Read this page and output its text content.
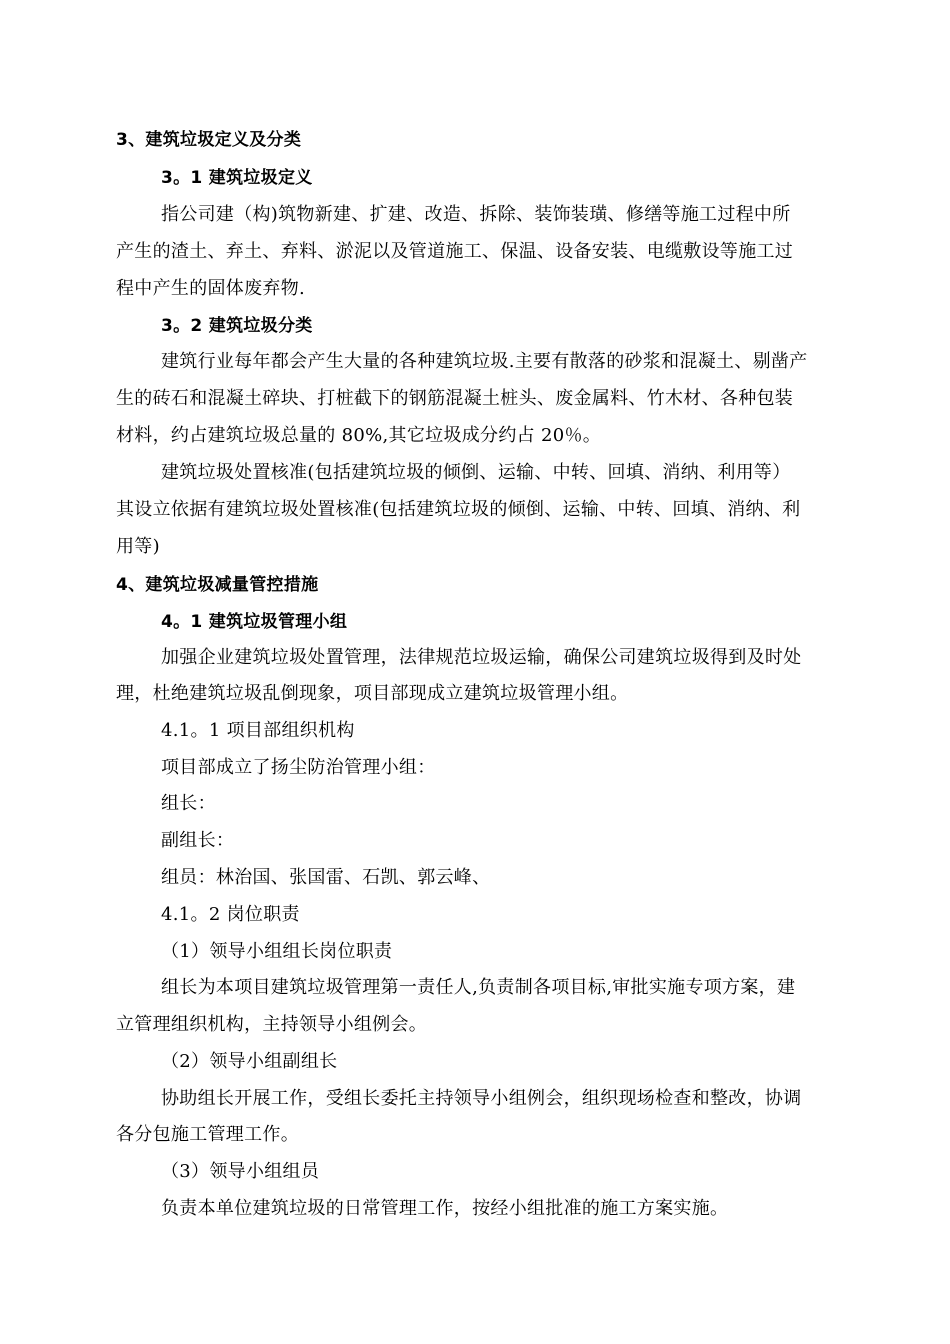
3、建筑垃圾定义及分类
3。1 建筑垃圾定义
指公司建（构)筑物新建、扩建、改造、拆除、装饰装璜、修缮等施工过程中所
产生的渣土、弃土、弃料、淤泥以及管道施工、保温、设备安装、电缆敷设等施工过
程中产生的固体废弃物.
3。2 建筑垃圾分类
建筑行业每年都会产生大量的各种建筑垃圾.主要有散落的砂浆和混凝土、剔凿产
生的砖石和混凝土碎块、打桩截下的钢筋混凝土桩头、废金属料、竹木材、各种包装
材料，约占建筑垃圾总量的 80%,其它垃圾成分约占 20％。
建筑垃圾处置核准(包括建筑垃圾的倾倒、运输、中转、回填、消纳、利用等）
其设立依据有建筑垃圾处置核准(包括建筑垃圾的倾倒、运输、中转、回填、消纳、利
用等)
4、建筑垃圾减量管控措施
4。1 建筑垃圾管理小组
加强企业建筑垃圾处置管理，法律规范垃圾运输，确保公司建筑垃圾得到及时处
理，杜绝建筑垃圾乱倒现象，项目部现成立建筑垃圾管理小组。
4.1。1 项目部组织机构
项目部成立了扬尘防治管理小组：
组长：
副组长：
组员：林治国、张国雷、石凯、郭云峰、
4.1。2 岗位职责
（1）领导小组组长岗位职责
组长为本项目建筑垃圾管理第一责任人,负责制各项目标,审批实施专项方案，建
立管理组织机构，主持领导小组例会。
（2）领导小组副组长
协助组长开展工作，受组长委托主持领导小组例会，组织现场检查和整改，协调
各分包施工管理工作。
（3）领导小组组员
负责本单位建筑垃圾的日常管理工作，按经小组批准的施工方案实施。
